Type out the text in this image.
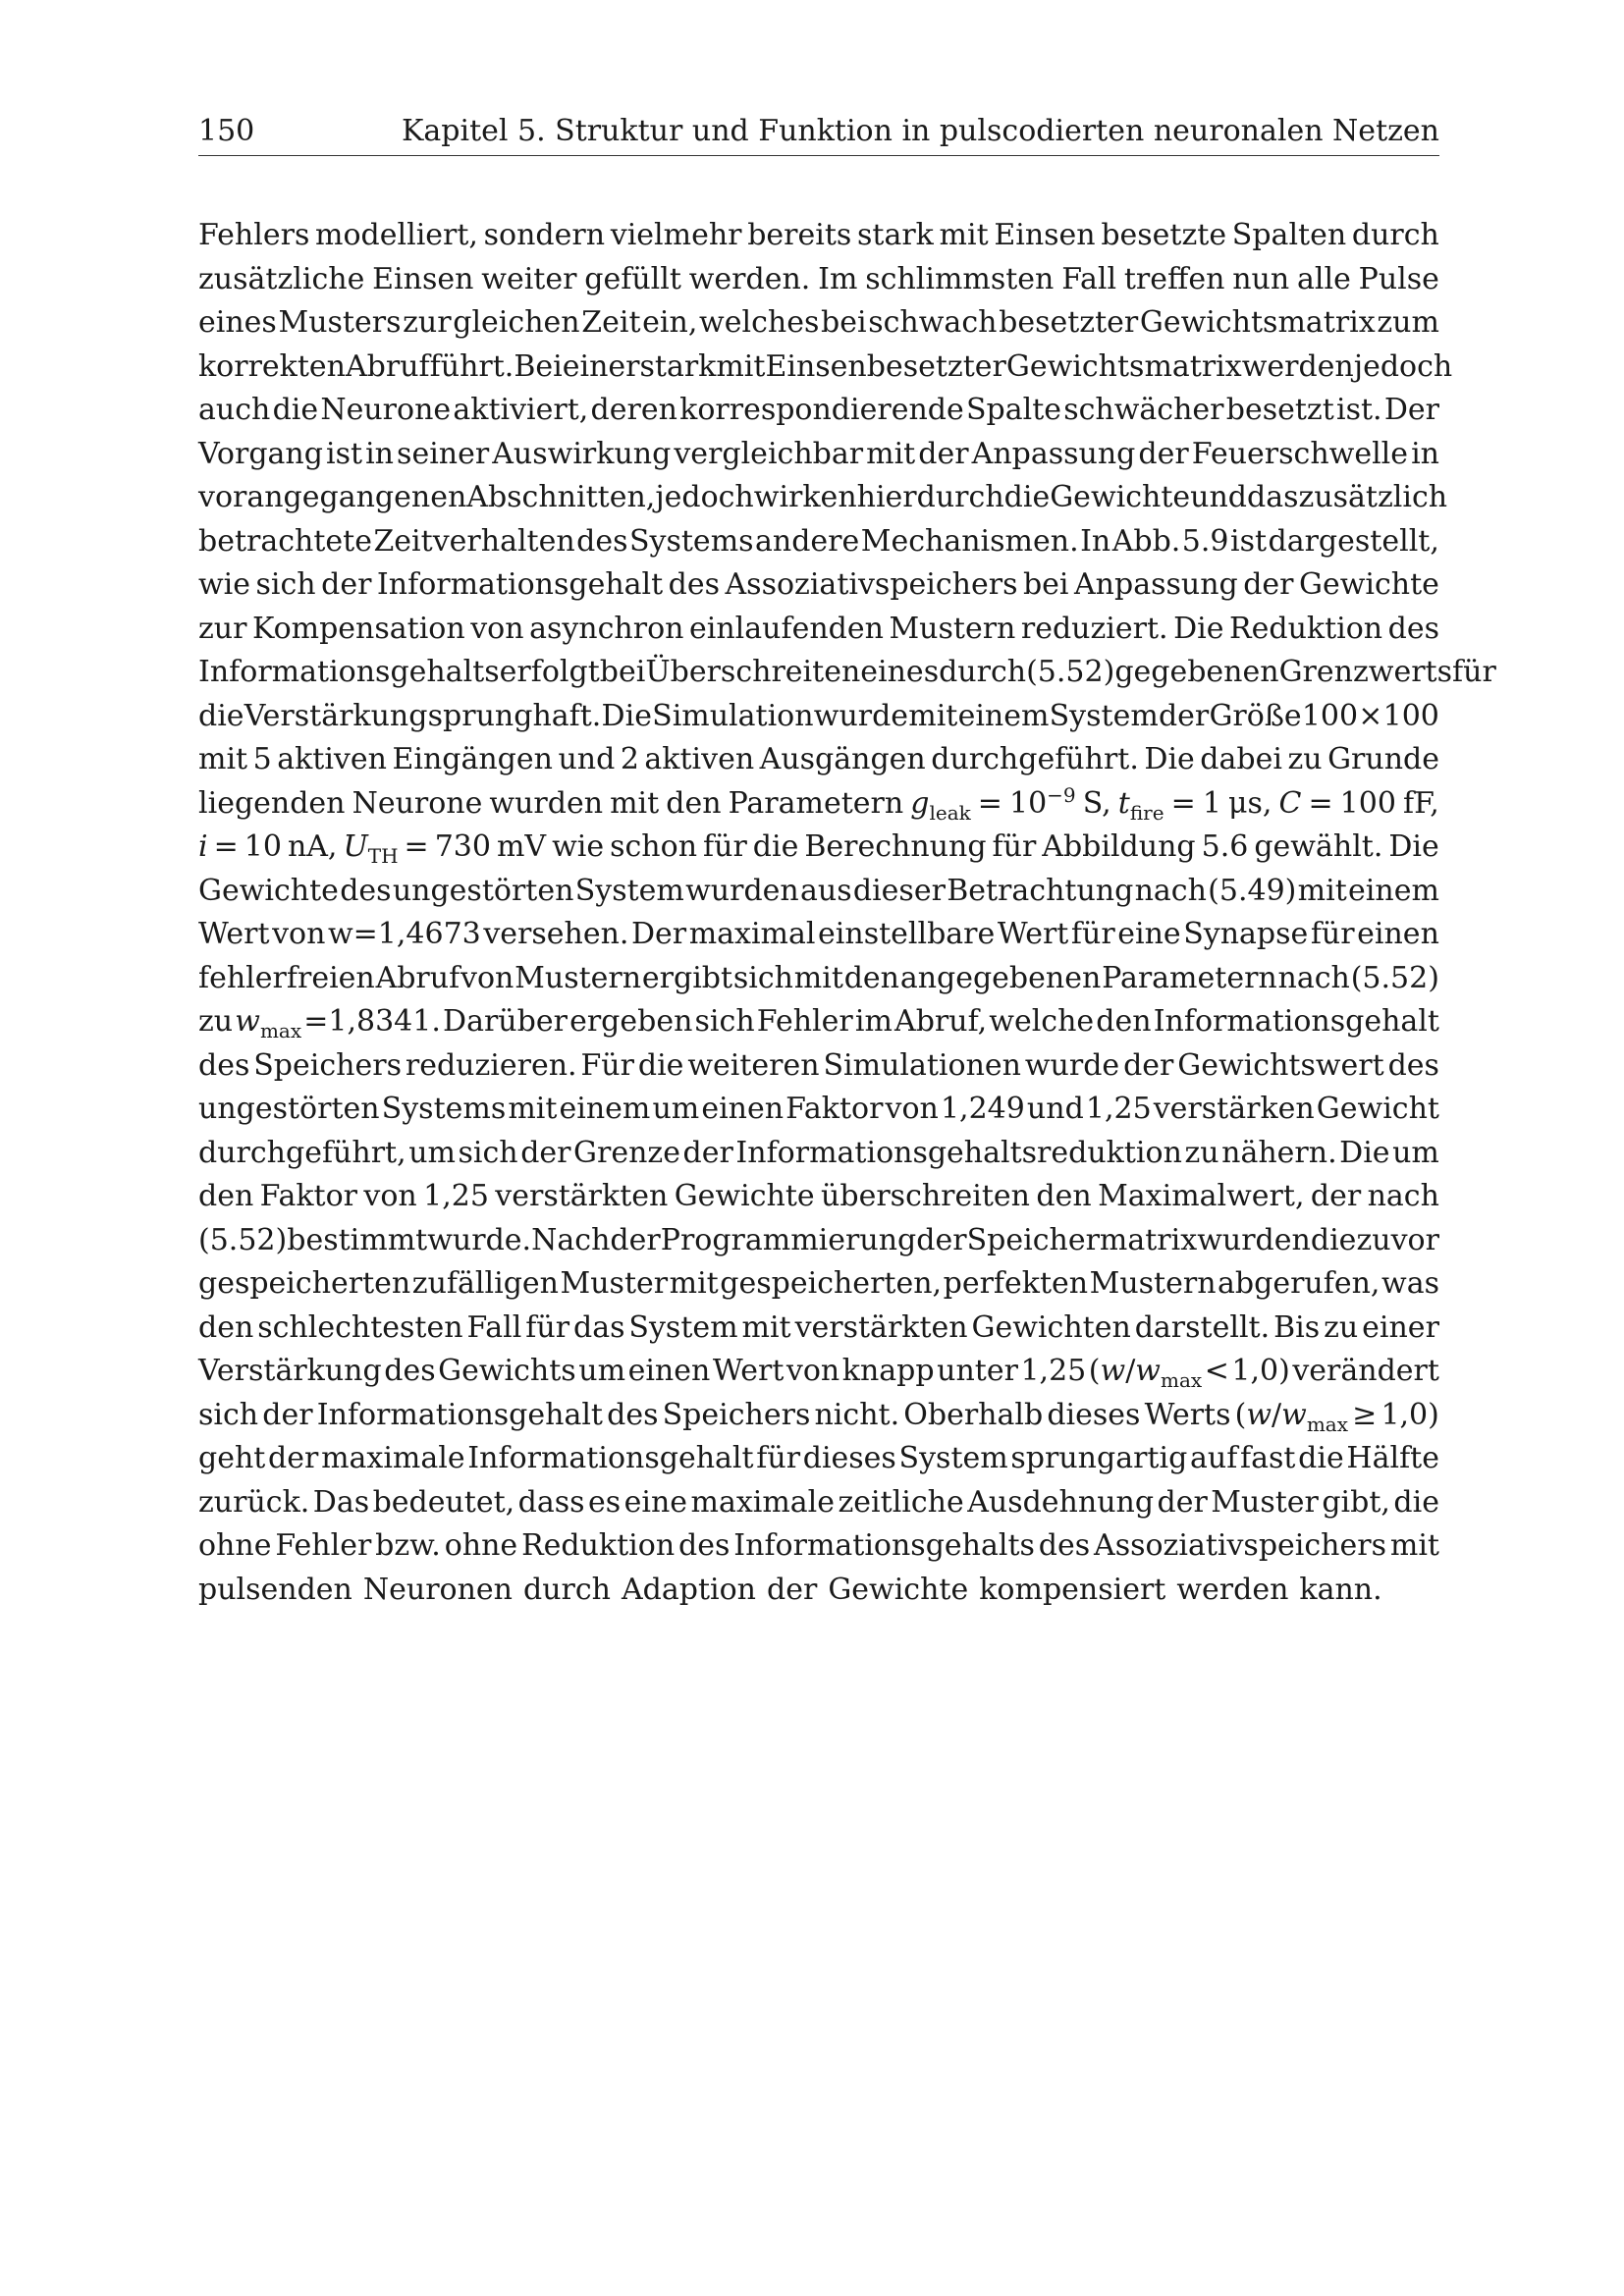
150	Kapitel 5. Struktur und Funktion in pulscodierten neuronalen Netzen
Fehlers modelliert, sondern vielmehr bereits stark mit Einsen besetzte Spalten durch
zusätzliche Einsen weiter gefüllt werden. Im schlimmsten Fall treffen nun alle Pulse
eines Musters zur gleichen Zeit ein, welches bei schwach besetzter Gewichtsmatrix zum
korrekten Abruf führt. Bei einer stark mit Einsen besetzter Gewichtsmatrix werden jedoch
auch die Neurone aktiviert, deren korrespondierende Spalte schwächer besetzt ist. Der
Vorgang ist in seiner Auswirkung vergleichbar mit der Anpassung der Feuerschwelle in
vorangegangenen Abschnitten, jedoch wirken hier durch die Gewichte und das zusätzlich
betrachtete Zeitverhalten des Systems andere Mechanismen. In Abb. 5.9 ist dargestellt,
wie sich der Informationsgehalt des Assoziativspeichers bei Anpassung der Gewichte
zur Kompensation von asynchron einlaufenden Mustern reduziert. Die Reduktion des
Informationsgehalts erfolgt bei Überschreiten eines durch (5.52) gegebenen Grenzwerts für
die Verstärkung sprunghaft. Die Simulation wurde mit einem System der Größe 100 × 100
mit 5 aktiven Eingängen und 2 aktiven Ausgängen durchgeführt. Die dabei zu Grunde
liegenden Neurone wurden mit den Parametern $g_{leak} = 10^{-9}$ S, $t_{fire} = 1$ μs, C = 100 fF,
i = 10 nA, $U_{TH} = 730$ mV wie schon für die Berechnung für Abbildung 5.6 gewählt. Die
Gewichte des ungestörten System wurden aus dieser Betrachtung nach (5.49) mit einem
Wert von w=1,4673 versehen. Der maximal einstellbare Wert für eine Synapse für einen
fehlerfreien Abruf von Mustern ergibt sich mit den angegebenen Parametern nach (5.52)
zu $w_{max} =1,8341$. Darüber ergeben sich Fehler im Abruf, welche den Informationsgehalt
des Speichers reduzieren. Für die weiteren Simulationen wurde der Gewichtswert des
ungestörten Systems mit einem um einen Faktor von 1,249 und 1,25 verstärken Gewicht
durchgeführt, um sich der Grenze der Informationsgehaltsreduktion zu nähern. Die um
den Faktor von 1,25 verstärkten Gewichte überschreiten den Maximalwert, der nach
(5.52) bestimmt wurde. Nach der Programmierung der Speichermatrix wurden die zuvor
gespeicherten zufälligen Muster mit gespeicherten, perfekten Mustern abgerufen, was
den schlechtesten Fall für das System mit verstärkten Gewichten darstellt. Bis zu einer
Verstärkung des Gewichts um einen Wert von knapp unter 1,25 $(w/w_{max} < 1,0)$ verändert
sich der Informationsgehalt des Speichers nicht. Oberhalb dieses Werts $(w/w_{max} \ge 1,0)$
geht der maximale Informationsgehalt für dieses System sprungartig auf fast die Hälfte
zurück. Das bedeutet, dass es eine maximale zeitliche Ausdehnung der Muster gibt, die
ohne Fehler bzw. ohne Reduktion des Informationsgehalts des Assoziativspeichers mit
pulsenden Neuronen durch Adaption der Gewichte kompensiert werden kann.
